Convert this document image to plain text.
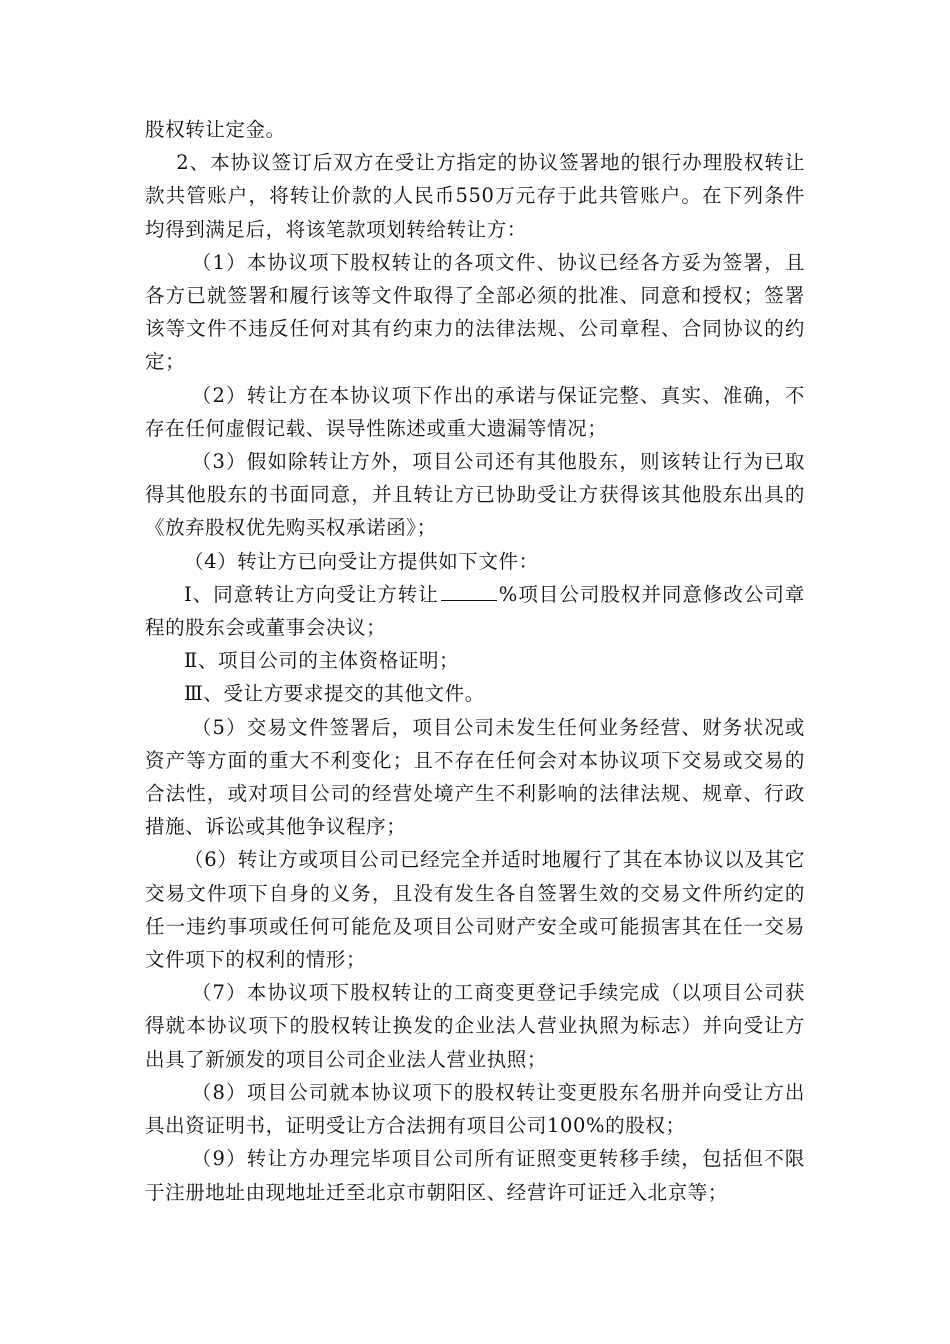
股权转让定金。

2、本协议签订后双方在受让方指定的协议签署地的银行办理股权转让款共管账户，将转让价款的人民币550万元存于此共管账户。在下列条件均得到满足后，将该笔款项划转给转让方：

（1）本协议项下股权转让的各项文件、协议已经各方妥为签署，且各方已就签署和履行该等文件取得了全部必须的批准、同意和授权；签署该等文件不违反任何对其有约束力的法律法规、公司章程、合同协议的约定；

（2）转让方在本协议项下作出的承诺与保证完整、真实、准确，不存在任何虚假记载、误导性陈述或重大遗漏等情况；

（3）假如除转让方外，项目公司还有其他股东，则该转让行为已取得其他股东的书面同意，并且转让方已协助受让方获得该其他股东出具的《放弃股权优先购买权承诺函》；

（4）转让方已向受让方提供如下文件：

Ⅰ、同意转让方向受让方转让	%项目公司股权并同意修改公司章程的股东会或董事会决议；

Ⅱ、项目公司的主体资格证明；

Ⅲ、受让方要求提交的其他文件。

（5）交易文件签署后，项目公司未发生任何业务经营、财务状况或资产等方面的重大不利变化；且不存在任何会对本协议项下交易或交易的合法性，或对项目公司的经营处境产生不利影响的法律法规、规章、行政措施、诉讼或其他争议程序；

（6）转让方或项目公司已经完全并适时地履行了其在本协议以及其它交易文件项下自身的义务，且没有发生各自签署生效的交易文件所约定的任一违约事项或任何可能危及项目公司财产安全或可能损害其在任一交易文件项下的权利的情形；

（7）本协议项下股权转让的工商变更登记手续完成（以项目公司获得就本协议项下的股权转让换发的企业法人营业执照为标志）并向受让方出具了新颁发的项目公司企业法人营业执照；

（8）项目公司就本协议项下的股权转让变更股东名册并向受让方出具出资证明书，证明受让方合法拥有项目公司100%的股权；

（9）转让方办理完毕项目公司所有证照变更转移手续，包括但不限于注册地址由现地址迁至北京市朝阳区、经营许可证迁入北京等；
